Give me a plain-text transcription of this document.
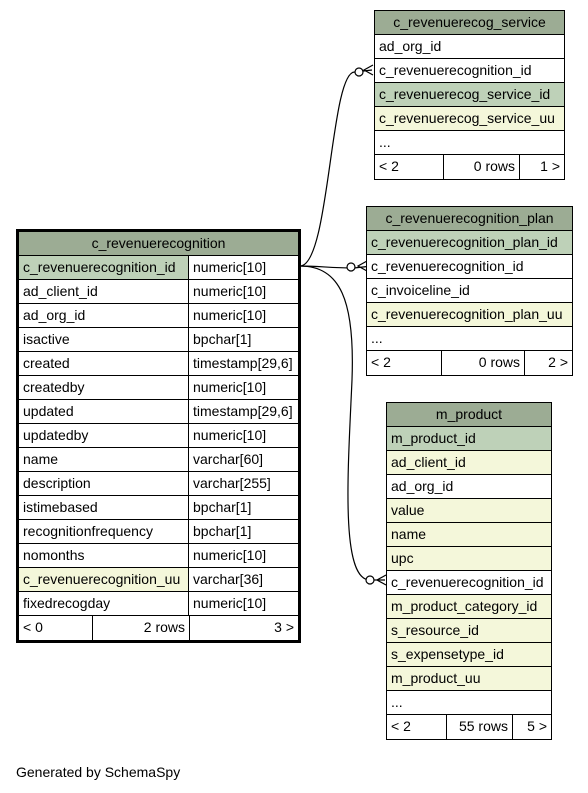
c_revenuerecognition
c_revenuerecognition_id	numeric[10]
ad_client_id	numeric[10]
ad_org_id	numeric[10]
isactive	bpchar[1]
created	timestamp[29,6]
createdby	numeric[10]
updated	timestamp[29,6]
updatedby	numeric[10]
name	varchar[60]
description	varchar[255]
istimebased	bpchar[1]
recognitionfrequency	bpchar[1]
nomonths	numeric[10]
c_revenuerecognition_uu varchar[36]
fixedrecogday	numeric[10]
< 0	2 rows	3 >
c_revenuerecog_service
ad_org_id
c_revenuerecognition_id
c_revenuerecog_service_id
c_revenuerecog_service_uu
...
< 2	0 rows	1 >
c_revenuerecognition_plan
c_revenuerecognition_plan_id
c_revenuerecognition_id
c_invoiceline_id
c_revenuerecognition_plan_uu
...
< 2	0 rows	2 >
m_product
m_product_id
ad_client_id
ad_org_id
value
name
upc
c_revenuerecognition_id
m_product_category_id
s_resource_id
s_expensetype_id
m_product_uu
...
< 2	55 rows	5 >
Generated by SchemaSpy
